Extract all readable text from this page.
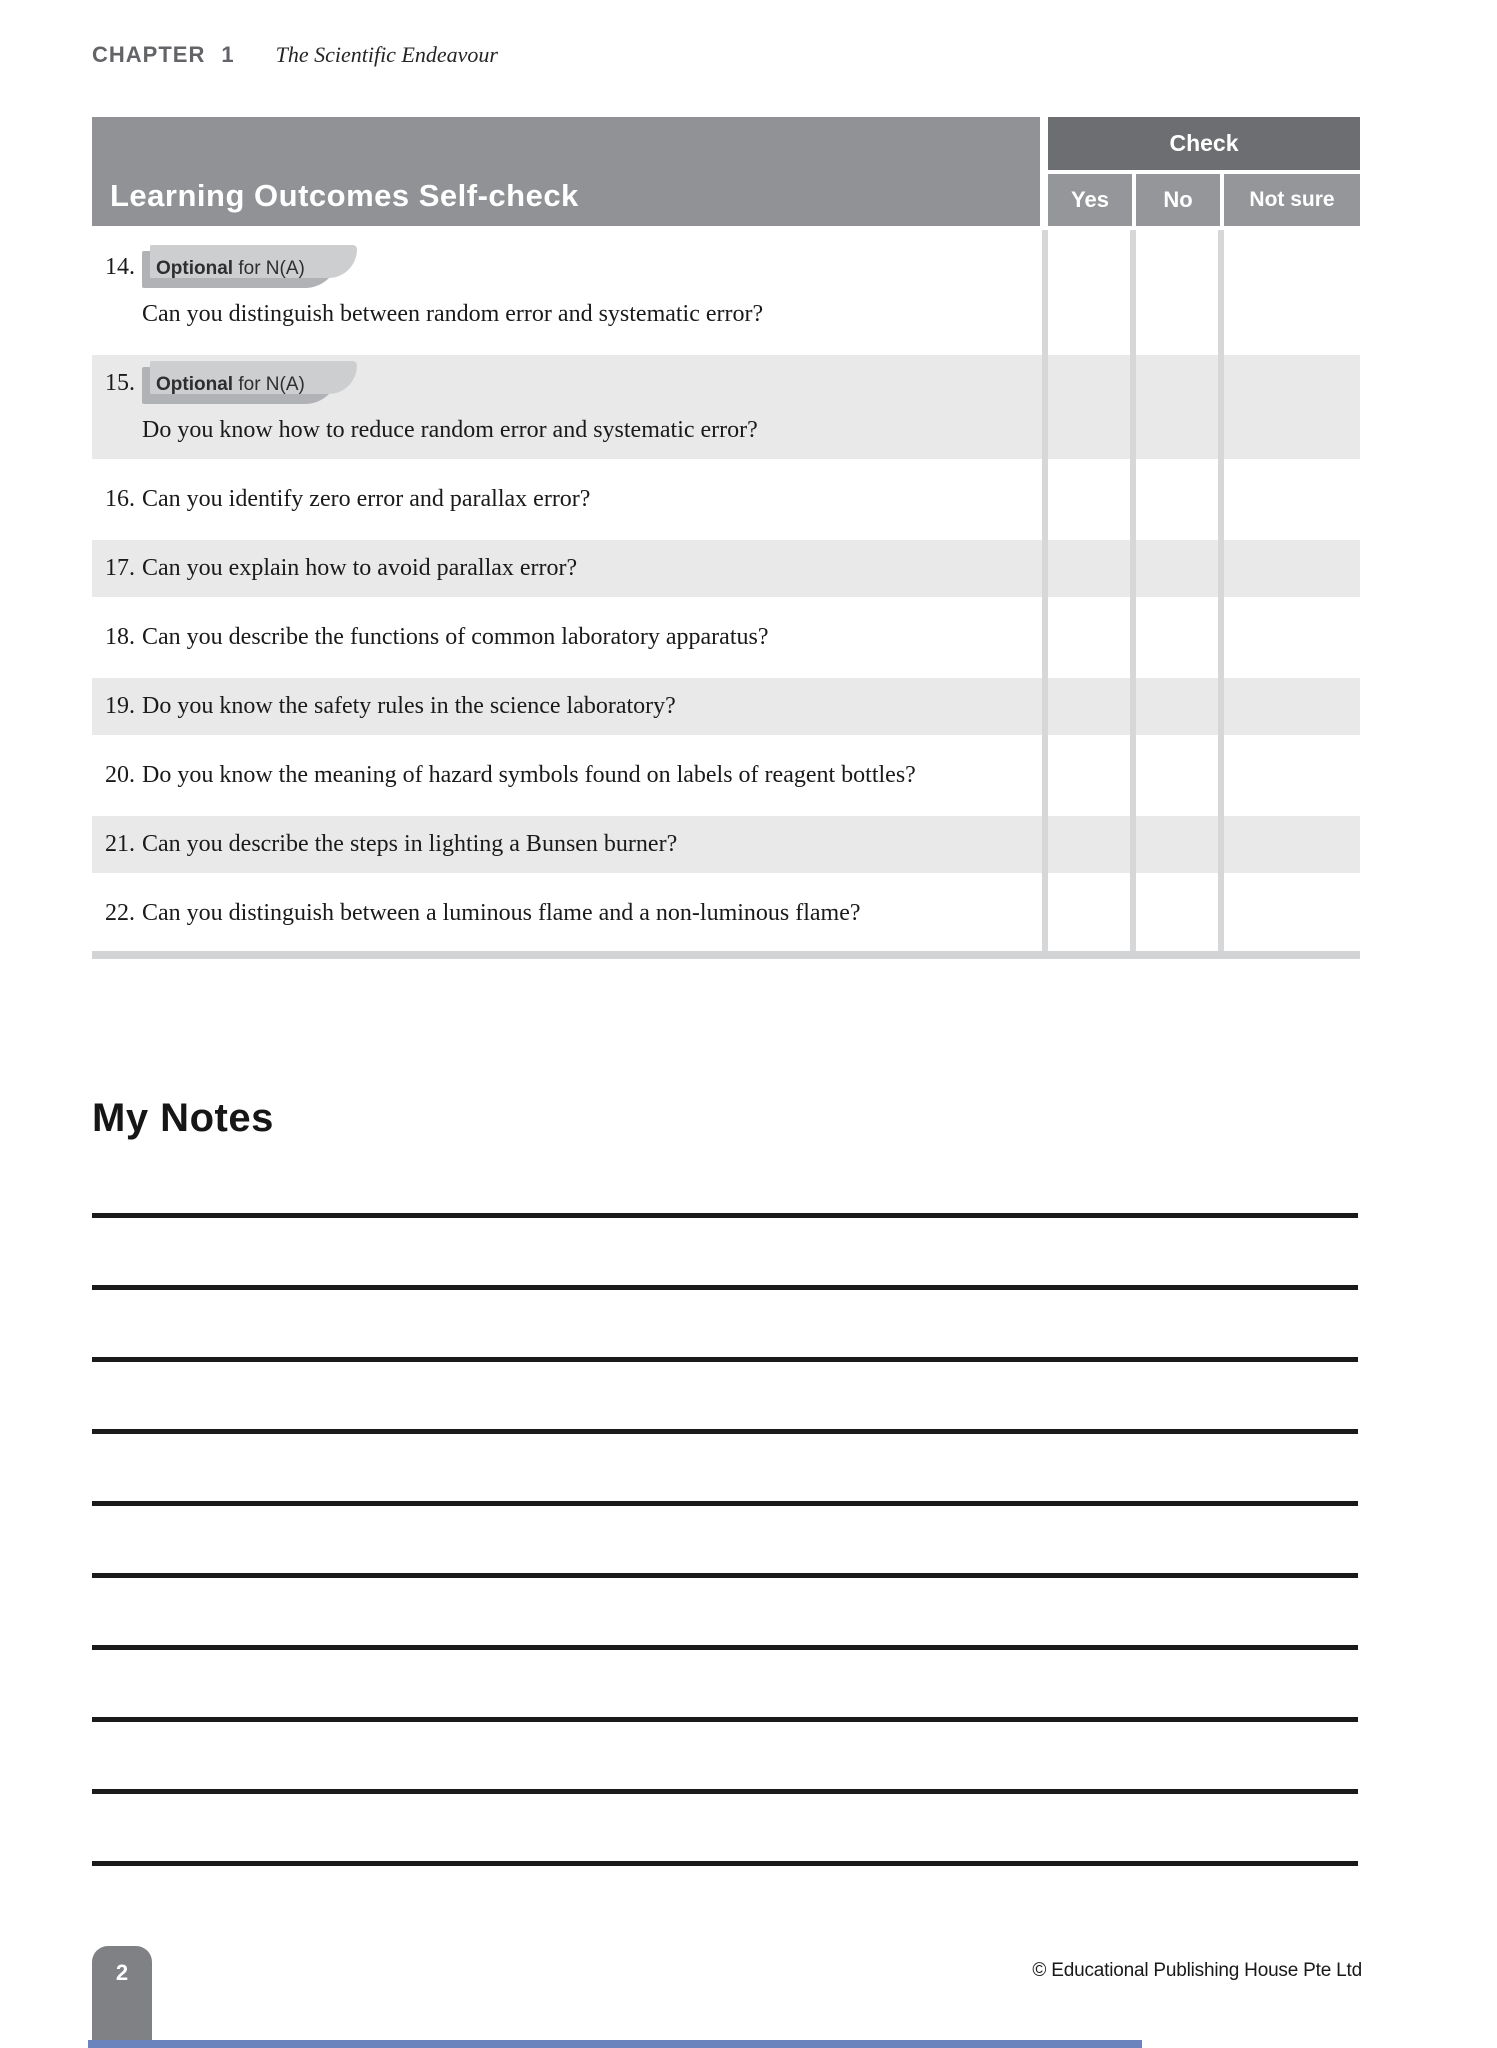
CHAPTER 1 The Scientific Endeavour
Learning Outcomes Self-check
Check
Yes	No	Not sure
14.	Optional for N(A)
Can you distinguish between random error and systematic error?
15.	Optional for N(A)
Do you know how to reduce random error and systematic error?
16. Can you identify zero error and parallax error?
17. Can you explain how to avoid parallax error?
18. Can you describe the functions of common laboratory apparatus?
19. Do you know the safety rules in the science laboratory?
20. Do you know the meaning of hazard symbols found on labels of reagent bottles?
21. Can you describe the steps in lighting a Bunsen burner?
22. Can you distinguish between a luminous flame and a non-luminous flame?
My Notes
2	© Educational Publishing House Pte Ltd
